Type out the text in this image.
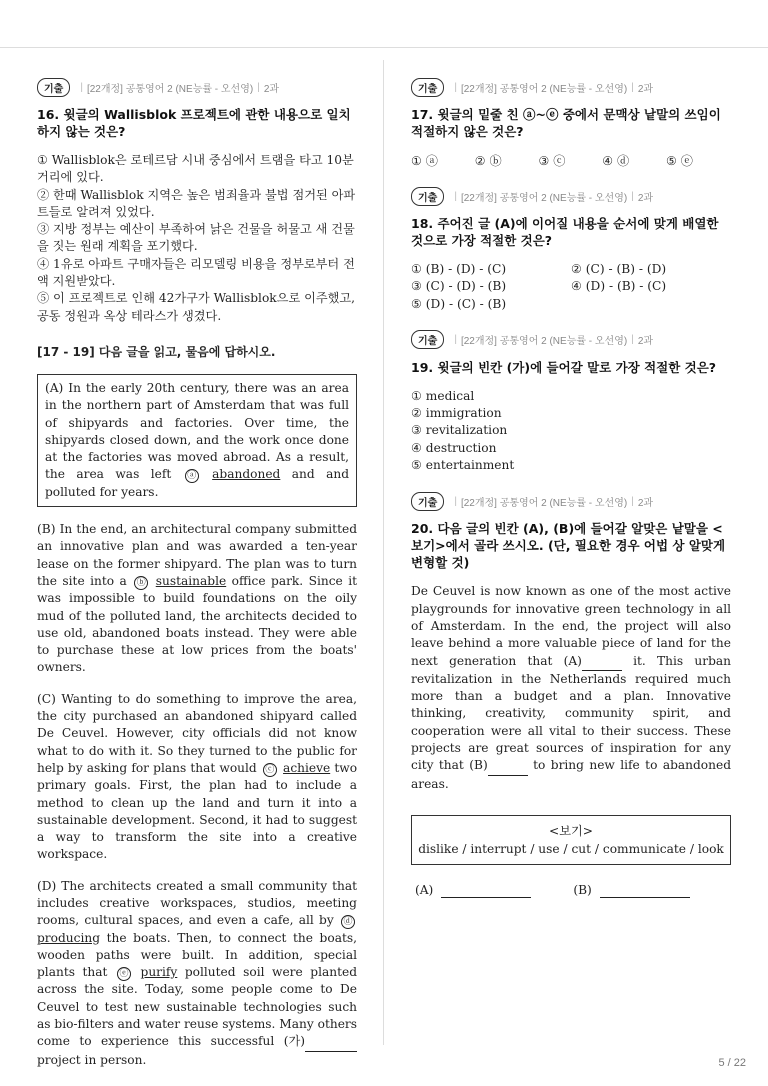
기출	| [22개정] 공통영어 2 (NE능률 - 오선영) | 2과
16. 윗글의 Wallisblok 프로젝트에 관한 내용으로 일치하지 않는 것은?
① Wallisblok은 로테르담 시내 중심에서 트램을 타고 10분 거리에 있다.
② 한때 Wallisblok 지역은 높은 범죄율과 불법 점거된 아파트들로 알려져 있었다.
③ 지방 정부는 예산이 부족하여 낡은 건물을 허물고 새 건물을 짓는 원래 계획을 포기했다.
④ 1유로 아파트 구매자들은 리모델링 비용을 정부로부터 전액 지원받았다.
⑤ 이 프로젝트로 인해 42가구가 Wallisblok으로 이주했고, 공동 정원과 옥상 테라스가 생겼다.
[17 - 19] 다음 글을 읽고, 물음에 답하시오.
(A) In the early 20th century, there was an area in the northern part of Amsterdam that was full of shipyards and factories. Over time, the shipyards closed down, and the work once done at the factories was moved abroad. As a result, the area was left ⓐ abandoned and and polluted for years.
(B) In the end, an architectural company submitted an innovative plan and was awarded a ten-year lease on the former shipyard. The plan was to turn the site into a ⓑ sustainable office park. Since it was impossible to build foundations on the oily mud of the polluted land, the architects decided to use old, abandoned boats instead. They were able to purchase these at low prices from the boats' owners.
(C) Wanting to do something to improve the area, the city purchased an abandoned shipyard called De Ceuvel. However, city officials did not know what to do with it. So they turned to the public for help by asking for plans that would ⓒ achieve two primary goals. First, the plan had to include a method to clean up the land and turn it into a sustainable development. Second, it had to suggest a way to transform the site into a creative workspace.
(D) The architects created a small community that includes creative workspaces, studios, meeting rooms, cultural spaces, and even a cafe, all by ⓓ producing the boats. Then, to connect the boats, wooden paths were built. In addition, special plants that ⓔ purify polluted soil were planted across the site. Today, some people come to De Ceuvel to test new sustainable technologies such as bio-filters and water reuse systems. Many others come to experience this successful (가)  project in person.
기출	| [22개정] 공통영어 2 (NE능률 - 오선영) | 2과
17. 윗글의 밑줄 친 ⓐ~ⓔ 중에서 문맥상 낱말의 쓰임이 적절하지 않은 것은?
① ⓐ	② ⓑ	③ ⓒ	④ ⓓ	⑤ ⓔ
기출	| [22개정] 공통영어 2 (NE능률 - 오선영) | 2과
18. 주어진 글 (A)에 이어질 내용을 순서에 맞게 배열한 것으로 가장 적절한 것은?
① (B) - (D) - (C)	② (C) - (B) - (D)
③ (C) - (D) - (B)	④ (D) - (B) - (C)
⑤ (D) - (C) - (B)
기출	| [22개정] 공통영어 2 (NE능률 - 오선영) | 2과
19. 윗글의 빈칸 (가)에 들어갈 말로 가장 적절한 것은?
① medical
② immigration
③ revitalization
④ destruction
⑤ entertainment
기출	| [22개정] 공통영어 2 (NE능률 - 오선영) | 2과
20. 다음 글의 빈칸 (A), (B)에 들어갈 알맞은 낱말을 <보기>에서 골라 쓰시오. (단, 필요한 경우 어법 상 알맞게 변형할 것)
De Ceuvel is now known as one of the most active playgrounds for innovative green technology in all of Amsterdam. In the end, the project will also leave behind a more valuable piece of land for the next generation that (A)	it. This urban revitalization in the Netherlands required much more than a budget and a plan. Innovative thinking, creativity, community spirit, and cooperation were all vital to their success. These projects are great sources of inspiration for any city that (B)	to bring new life to abandoned areas.
<보기>
dislike / interrupt / use / cut / communicate / look
(A)
	(B)

5 / 22
